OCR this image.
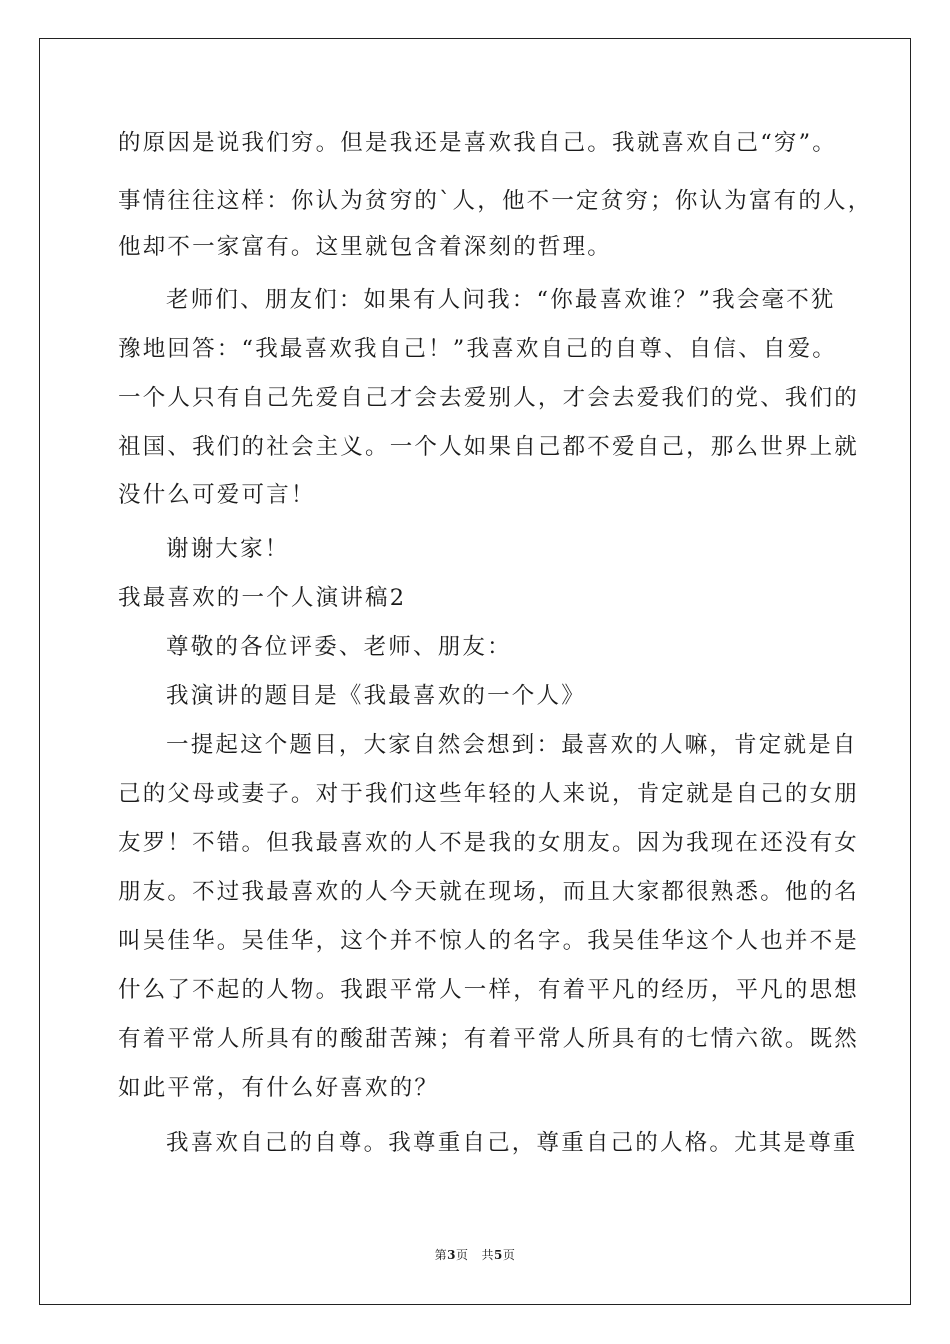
的原因是说我们穷。但是我还是喜欢我自己。我就喜欢自己“穷”。
事情往往这样：你认为贫穷的`人，他不一定贫穷；你认为富有的人，
他却不一家富有。这里就包含着深刻的哲理。
老师们、朋友们：如果有人问我：“你最喜欢谁？”我会毫不犹
豫地回答：“我最喜欢我自己！”我喜欢自己的自尊、自信、自爱。
一个人只有自己先爱自己才会去爱别人，才会去爱我们的党、我们的
祖国、我们的社会主义。一个人如果自己都不爱自己，那么世界上就
没什么可爱可言！
谢谢大家！
我最喜欢的一个人演讲稿2
尊敬的各位评委、老师、朋友：
我演讲的题目是《我最喜欢的一个人》
一提起这个题目，大家自然会想到：最喜欢的人嘛，肯定就是自
己的父母或妻子。对于我们这些年轻的人来说，肯定就是自己的女朋
友罗！不错。但我最喜欢的人不是我的女朋友。因为我现在还没有女
朋友。不过我最喜欢的人今天就在现场，而且大家都很熟悉。他的名
叫吴佳华。吴佳华，这个并不惊人的名字。我吴佳华这个人也并不是
什么了不起的人物。我跟平常人一样，有着平凡的经历，平凡的思想
有着平常人所具有的酸甜苦辣；有着平常人所具有的七情六欲。既然
如此平常，有什么好喜欢的？
我喜欢自己的自尊。我尊重自己，尊重自己的人格。尤其是尊重
第3页 共5页
